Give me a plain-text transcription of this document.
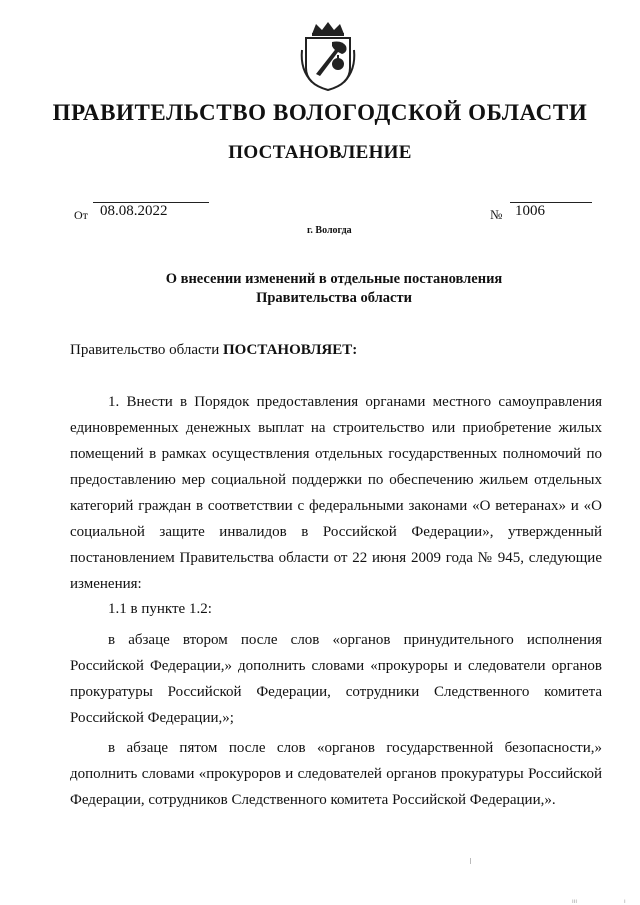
ПРАВИТЕЛЬСТВО ВОЛОГОДСКОЙ ОБЛАСТИ
ПОСТАНОВЛЕНИЕ
От 08.08.2022	№ 1006
г. Вологда
О внесении изменений в отдельные постановления
Правительства области
Правительство области ПОСТАНОВЛЯЕТ:
1. Внести в Порядок предоставления органами местного самоуправления единовременных денежных выплат на строительство или приобретение жилых помещений в рамках осуществления отдельных государственных полномочий по предоставлению мер социальной поддержки по обеспечению жильем отдельных категорий граждан в соответствии с федеральными законами «О ветеранах» и «О социальной защите инвалидов в Российской Федерации», утвержденный постановлением Правительства области от 22 июня 2009 года № 945, следующие изменения:
1.1 в пункте 1.2:
в абзаце втором после слов «органов принудительного исполнения Российской Федерации,» дополнить словами «прокуроры и следователи органов прокуратуры Российской Федерации, сотрудники Следственного комитета Российской Федерации,»;
в абзаце пятом после слов «органов государственной безопасности,» дополнить словами «прокуроров и следователей органов прокуратуры Российской Федерации, сотрудников Следственного комитета Российской Федерации,».
ııı	ı
